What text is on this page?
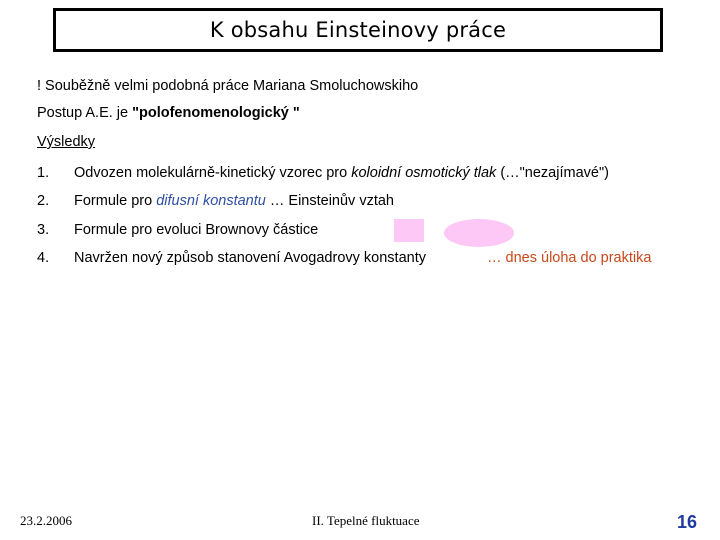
K obsahu Einsteinovy práce
! Souběžně velmi podobná práce Mariana Smoluchowskiho
Postup A.E. je "polofenomenologický "
Výsledky
1. Odvozen molekulárně-kinetický vzorec pro koloidní osmotický tlak (…"nezajímavé")
2. Formule pro difusní konstantu … Einsteinův vztah
3. Formule pro evoluci Brownovy částice
4. Navržen nový způsob stanovení Avogadrovy konstanty	… dnes úloha do praktika
23.2.2006	II. Tepelné fluktuace	16
